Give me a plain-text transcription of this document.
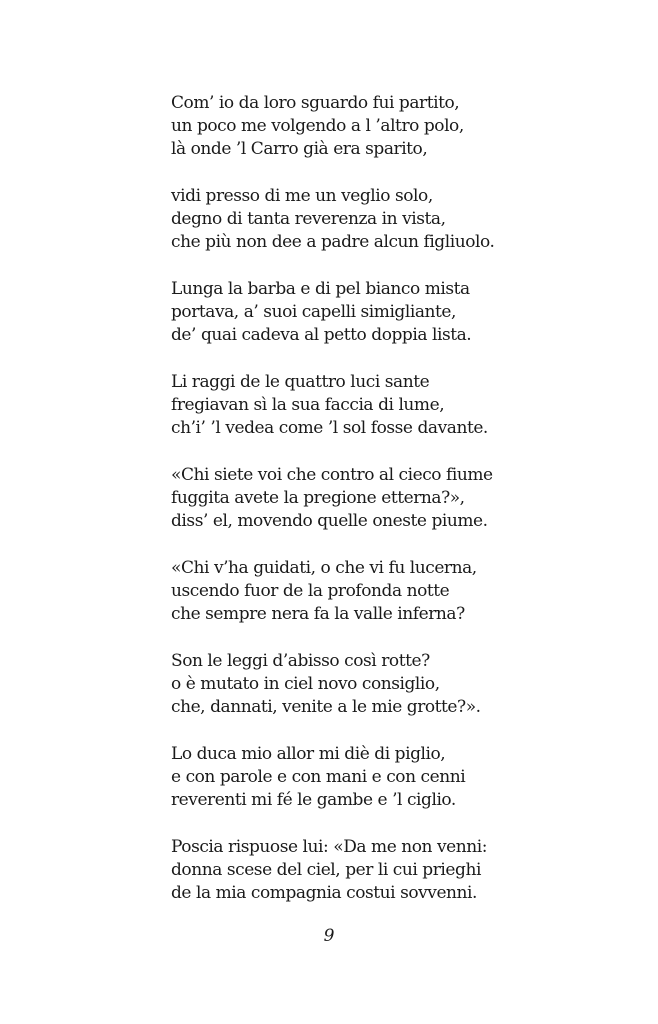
Com’ io da loro sguardo fui partito,
un poco me volgendo a l ’altro polo,
là onde ’l Carro già era sparito,
vidi presso di me un veglio solo,
degno di tanta reverenza in vista,
che più non dee a padre alcun figliuolo.
Lunga la barba e di pel bianco mista
portava, a’ suoi capelli simigliante,
de’ quai cadeva al petto doppia lista.
Li raggi de le quattro luci sante
fregiavan sì la sua faccia di lume,
ch’i’ ’l vedea come ’l sol fosse davante.
«Chi siete voi che contro al cieco fiume
fuggita avete la pregione etterna?»,
diss’ el, movendo quelle oneste piume.
«Chi v’ha guidati, o che vi fu lucerna,
uscendo fuor de la profonda notte
che sempre nera fa la valle inferna?
Son le leggi d’abisso così rotte?
o è mutato in ciel novo consiglio,
che, dannati, venite a le mie grotte?».
Lo duca mio allor mi diè di piglio,
e con parole e con mani e con cenni
reverenti mi fé le gambe e ’l ciglio.
Poscia rispuose lui: «Da me non venni:
donna scese del ciel, per li cui prieghi
de la mia compagnia costui sovvenni.
9
